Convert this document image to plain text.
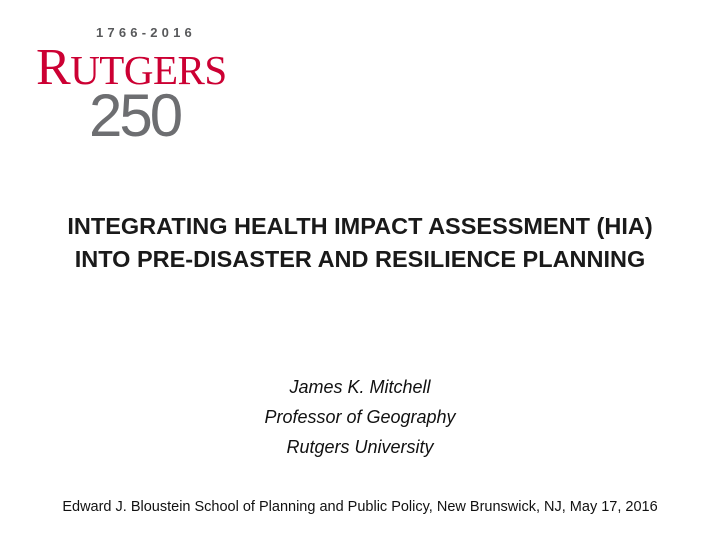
1766-2016
RUTGERS
250
INTEGRATING HEALTH IMPACT ASSESSMENT (HIA)
INTO PRE-DISASTER AND RESILIENCE PLANNING
James K. Mitchell
Professor of Geography
Rutgers University
Edward J. Bloustein School of Planning and Public Policy, New Brunswick, NJ, May 17, 2016
